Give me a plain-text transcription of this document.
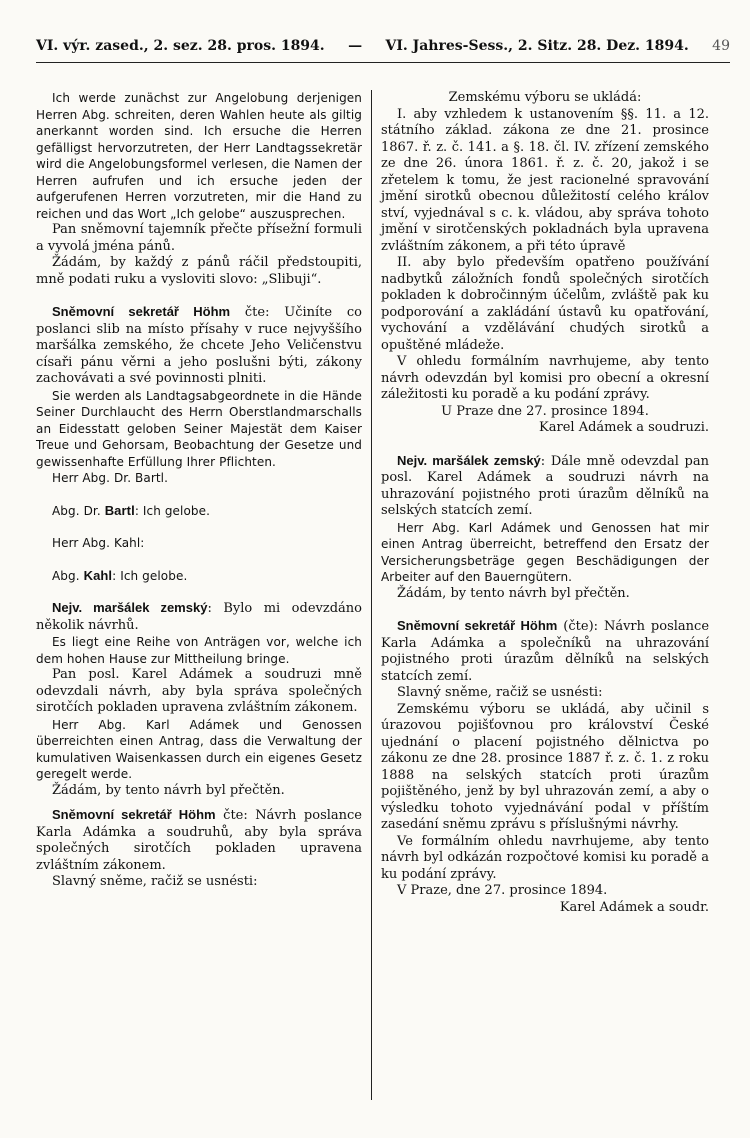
VI. výr. zased., 2. sez. 28. pros. 1894. — VI. Jahres-Sess., 2. Sitz. 28. Dez. 1894. 49

Ich werde zunächst zur Angelobung derjenigen Herren Abg. schreiten, deren Wahlen heute als giltig anerkannt worden sind. Ich ersuche die Herren gefälligst hervorzutreten, der Herr Landtagssekretär wird die Angelobungsformel verlesen, die Namen der Herren aufrufen und ich ersuche jeden der aufgerufenen Herren vorzutreten, mir die Hand zu reichen und das Wort „Ich gelobe“ auszusprechen.

Pan sněmovní tajemník přečte přísežní formuli a vyvolá jména pánů.

Žádám, by každý z pánů ráčil předstoupiti, mně podati ruku a vysloviti slovo: „Slibuji“.

Sněmovní sekretář Höhm čte: Učiníte co poslanci slib na místo přísahy v ruce nejvyššího maršálka zemského, že chcete Jeho Veličenstvu císaři pánu věrni a jeho poslušni býti, zákony zachovávati a své povinnosti plniti.

Sie werden als Landtagsabgeordnete in die Hände Seiner Durchlaucht des Herrn Oberstlandmarschalls an Eidesstatt geloben Seiner Majestät dem Kaiser Treue und Gehorsam, Beobachtung der Gesetze und gewissenhafte Erfüllung Ihrer Pflichten.

Herr Abg. Dr. Bartl.

Abg. Dr. Bartl: Ich gelobe.

Herr Abg. Kahl:

Abg. Kahl: Ich gelobe.

Nejv. maršálek zemský: Bylo mi odevzdáno několik návrhů.

Es liegt eine Reihe von Anträgen vor, welche ich dem hohen Hause zur Mittheilung bringe.

Pan posl. Karel Adámek a soudruzi mně odevzdali návrh, aby byla správa společných sirotčích pokladen upravena zvláštním zákonem.

Herr Abg. Karl Adámek und Genossen überreichten einen Antrag, dass die Verwaltung der kumulativen Waisenkassen durch ein eigenes Gesetz geregelt werde.

Žádám, by tento návrh byl přečtěn.

Sněmovní sekretář Höhm čte: Návrh poslance Karla Adámka a soudruhů, aby byla správa společných sirotčích pokladen upravena zvláštním zákonem.

Slavný sněme, račiž se usnésti:

Zemskému výboru se ukládá:

I. aby vzhledem k ustanovením §§. 11. a 12. státního základ. zákona ze dne 21. prosince 1867. ř. z. č. 141. a §. 18. čl. IV. zřízení zemského ze dne 26. února 1861. ř. z. č. 20, jakož i se zřetelem k tomu, že jest racionelné spravování jmění sirotků obecnou důležitostí celého králov ství, vyjednával s c. k. vládou, aby správa tohoto jmění v sirotčenských pokladnách byla upravena zvláštním zákonem, a při této úpravě

II. aby bylo především opatřeno používání nadbytků záložních fondů společných sirotčích pokladen k dobročinným účelům, zvláště pak ku podporování a zakládání ústavů ku opatřování, vychování a vzdělávání chudých sirotků a opuštěné mládeže.

V ohledu formálním navrhujeme, aby tento návrh odevzdán byl komisi pro obecní a okresní záležitosti ku poradě a ku podání zprávy.

U Praze dne 27. prosince 1894.

Karel Adámek a soudruzi.

Nejv. maršálek zemský: Dále mně odevzdal pan posl. Karel Adámek a soudruzi návrh na uhrazování pojistného proti úrazům dělníků na selských statcích zemí.

Herr Abg. Karl Adámek und Genossen hat mir einen Antrag überreicht, betreffend den Ersatz der Versicherungsbeträge gegen Beschädigungen der Arbeiter auf den Bauerngütern.

Žádám, by tento návrh byl přečtěn.

Sněmovní sekretář Höhm (čte): Návrh poslance Karla Adámka a společníků na uhrazování pojistného proti úrazům dělníků na selských statcích zemí.

Slavný sněme, račiž se usnésti:

Zemskému výboru se ukládá, aby učinil s úrazovou pojišťovnou pro království České ujednání o placení pojistného dělnictva po zákonu ze dne 28. prosince 1887 ř. z. č. 1. z roku 1888 na selských statcích proti úrazům pojištěného, jenž by byl uhrazován zemí, a aby o výsledku tohoto vyjednávání podal v příštím zasedání sněmu zprávu s příslušnými návrhy.

Ve formálním ohledu navrhujeme, aby tento návrh byl odkázán rozpočtové komisi ku poradě a ku podání zprávy.

V Praze, dne 27. prosince 1894.

Karel Adámek a soudr.
